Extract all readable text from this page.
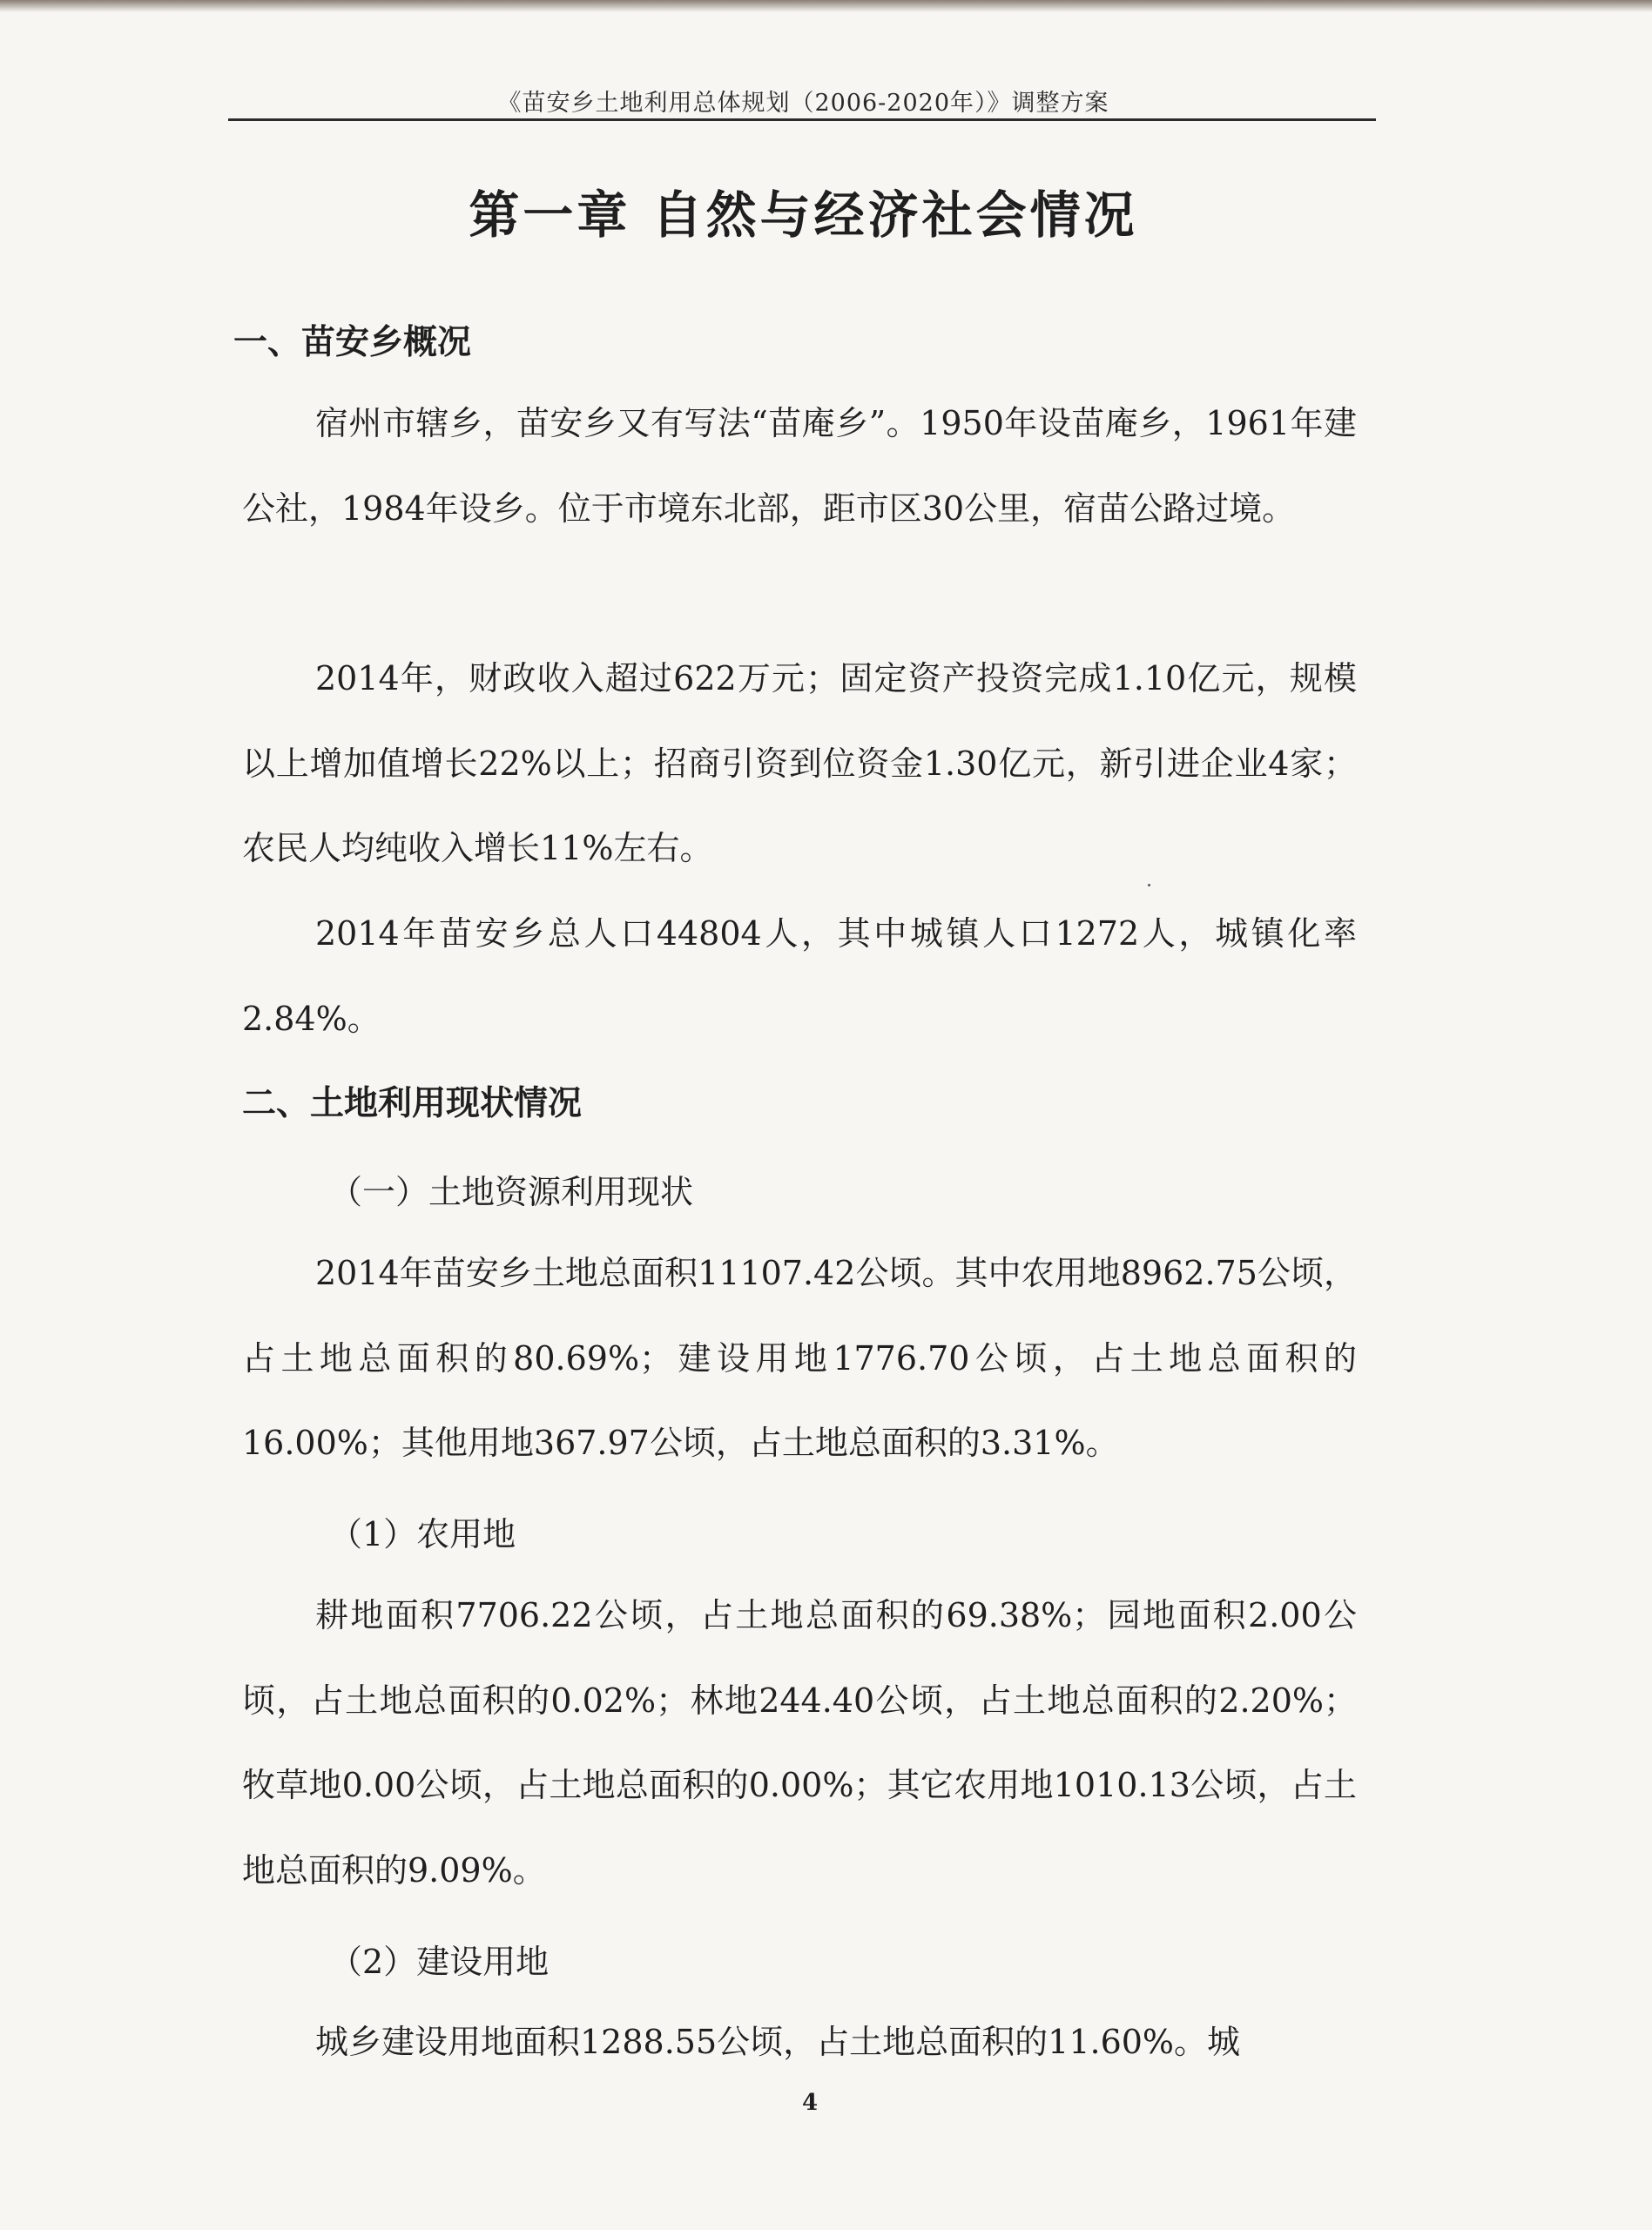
《苗安乡土地利用总体规划（2006-2020年）》调整方案
第一章 自然与经济社会情况
一、苗安乡概况
宿州市辖乡，苗安乡又有写法“苗庵乡”。1950年设苗庵乡，1961年建公社，1984年设乡。位于市境东北部，距市区30公里，宿苗公路过境。
2014年，财政收入超过622万元；固定资产投资完成1.10亿元，规模以上增加值增长22%以上；招商引资到位资金1.30亿元，新引进企业4家；农民人均纯收入增长11%左右。
2014年苗安乡总人口44804人，其中城镇人口1272人，城镇化率2.84%。
二、土地利用现状情况
（一）土地资源利用现状
2014年苗安乡土地总面积11107.42公顷。其中农用地8962.75公顷，占土地总面积的80.69%；建设用地1776.70公顷，占土地总面积的16.00%；其他用地367.97公顷，占土地总面积的3.31%。
（1）农用地
耕地面积7706.22公顷，占土地总面积的69.38%；园地面积2.00公顷，占土地总面积的0.02%；林地244.40公顷，占土地总面积的2.20%；牧草地0.00公顷，占土地总面积的0.00%；其它农用地1010.13公顷，占土地总面积的9.09%。
（2）建设用地
城乡建设用地面积1288.55公顷，占土地总面积的11.60%。城
4
